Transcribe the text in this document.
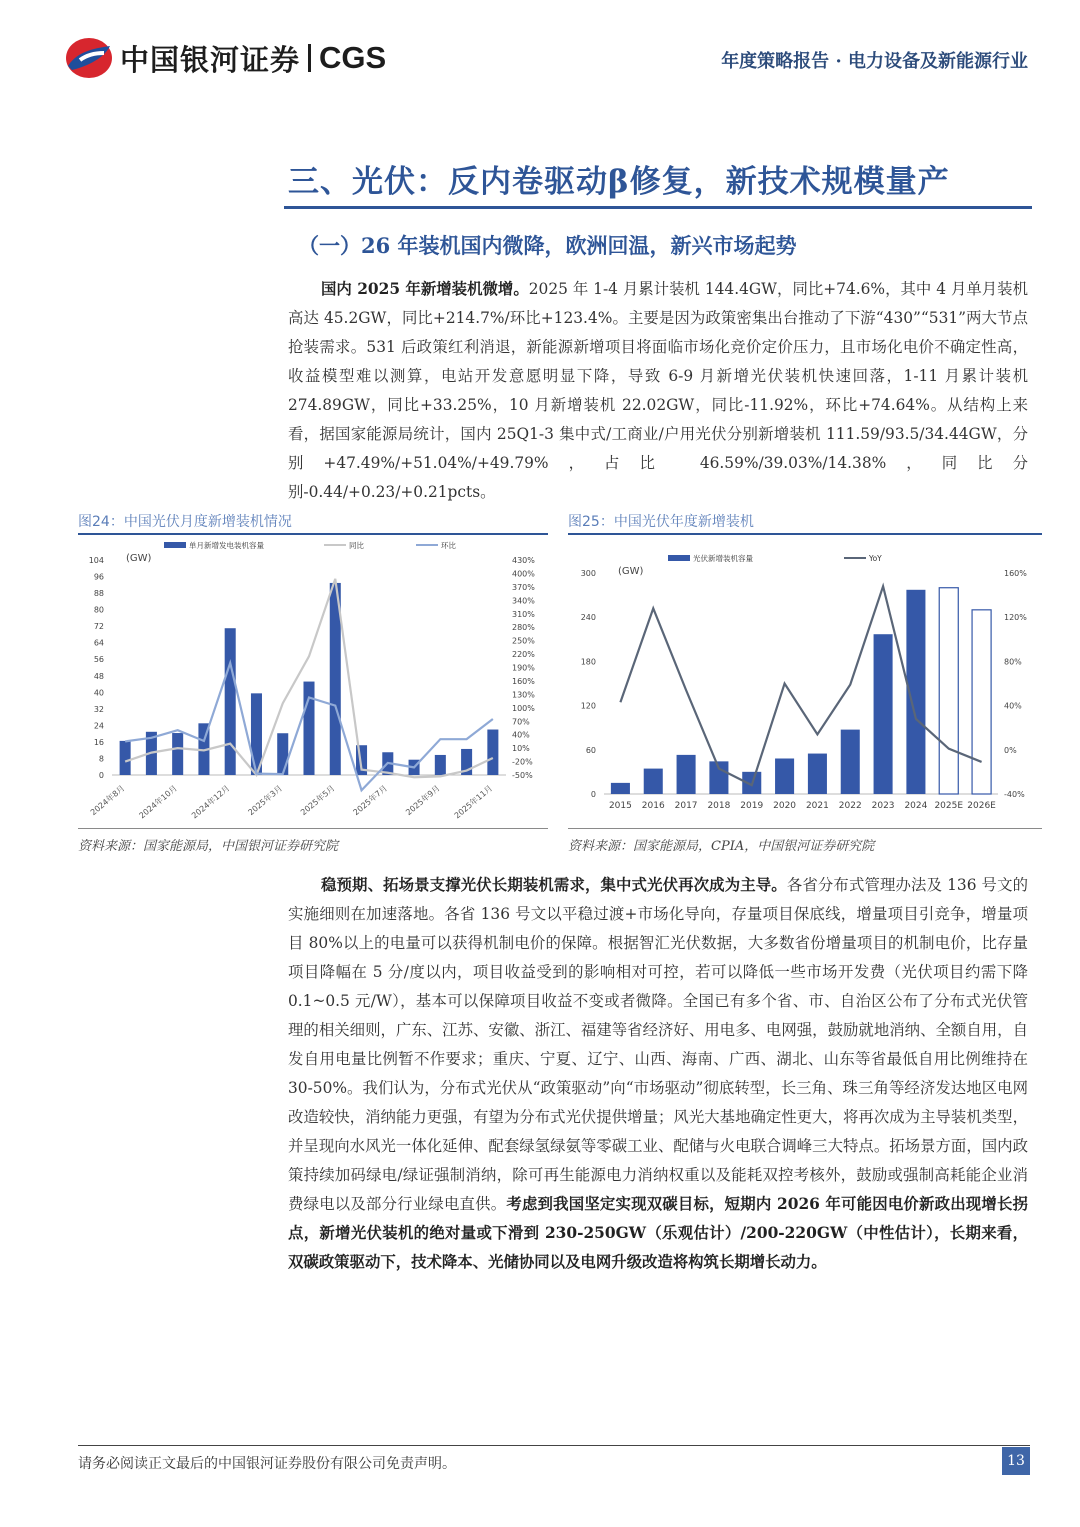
中国银河证券 CGS	年度策略报告 · 电力设备及新能源行业
三、光伏：反内卷驱动β修复，新技术规模量产
（一）26 年装机国内微降，欧洲回温，新兴市场起势

国内 2025 年新增装机微增。2025 年 1-4 月累计装机 144.4GW，同比+74.6%，其中 4 月单月装机高达 45.2GW，同比+214.7%/环比+123.4%。主要是因为政策密集出台推动了下游“430”“531”两大节点抢装需求。531 后政策红利消退，新能源新增项目将面临市场化竞价定价压力，且市场化电价不确定性高，收益模型难以测算，电站开发意愿明显下降，导致 6-9 月新增光伏装机快速回落，1-11 月累计装机 274.89GW，同比+33.25%，10 月新增装机 22.02GW，同比-11.92%，环比+74.64%。从结构上来看，据国家能源局统计，国内 25Q1-3 集中式/工商业/户用光伏分别新增装机 111.59/93.5/34.44GW，分别+47.49%/+51.04%/+49.79%，占比 46.59%/39.03%/14.38%，同比分别-0.44/+0.23/+0.21pcts。

图24：中国光伏月度新增装机情况
0
8
16
24
32
40
48
56
64
72
80
88
96
104
-50%
-20%
10%
40%
70%
100%
130%
160%
190%
220%
250%
280%
310%
340%
370%
400%
430%
(GW)
2024年8月 2024年10月 2024年12月 2025年3月 2025年5月 2025年7月 2025年9月 2025年11月
单月新增发电装机容量	同比	环比
资料来源：国家能源局，中国银河证券研究院
图25：中国光伏年度新增装机
0
60
120
180
240
300
-40%
0%
40%
80%
120%
160%
(GW)
2015 2016 2017 2018 2019 2020 2021 2022 2023 2024 2025E 2026E
光伏新增装机容量	YoY
资料来源：国家能源局，CPIA，中国银河证券研究院

稳预期、拓场景支撑光伏长期装机需求，集中式光伏再次成为主导。各省分布式管理办法及 136 号文的实施细则在加速落地。各省 136 号文以平稳过渡+市场化导向，存量项目保底线，增量项目引竞争，增量项目 80%以上的电量可以获得机制电价的保障。根据智汇光伏数据，大多数省份增量项目的机制电价，比存量项目降幅在 5 分/度以内，项目收益受到的影响相对可控，若可以降低一些市场开发费（光伏项目约需下降 0.1~0.5 元/W），基本可以保障项目收益不变或者微降。全国已有多个省、市、自治区公布了分布式光伏管理的相关细则，广东、江苏、安徽、浙江、福建等省经济好、用电多、电网强，鼓励就地消纳、全额自用，自发自用电量比例暂不作要求；重庆、宁夏、辽宁、山西、海南、广西、湖北、山东等省最低自用比例维持在 30-50%。我们认为，分布式光伏从“政策驱动”向“市场驱动”彻底转型，长三角、珠三角等经济发达地区电网改造较快，消纳能力更强，有望为分布式光伏提供增量；风光大基地确定性更大，将再次成为主导装机类型，并呈现向水风光一体化延伸、配套绿氢绿氨等零碳工业、配储与火电联合调峰三大特点。拓场景方面，国内政策持续加码绿电/绿证强制消纳，除可再生能源电力消纳权重以及能耗双控考核外，鼓励或强制高耗能企业消费绿电以及部分行业绿电直供。考虑到我国坚定实现双碳目标，短期内 2026 年可能因电价新政出现增长拐点，新增光伏装机的绝对量或下滑到 230-250GW（乐观估计）/200-220GW（中性估计），长期来看，双碳政策驱动下，技术降本、光储协同以及电网升级改造将构筑长期增长动力。

请务必阅读正文最后的中国银河证券股份有限公司免责声明。	13
